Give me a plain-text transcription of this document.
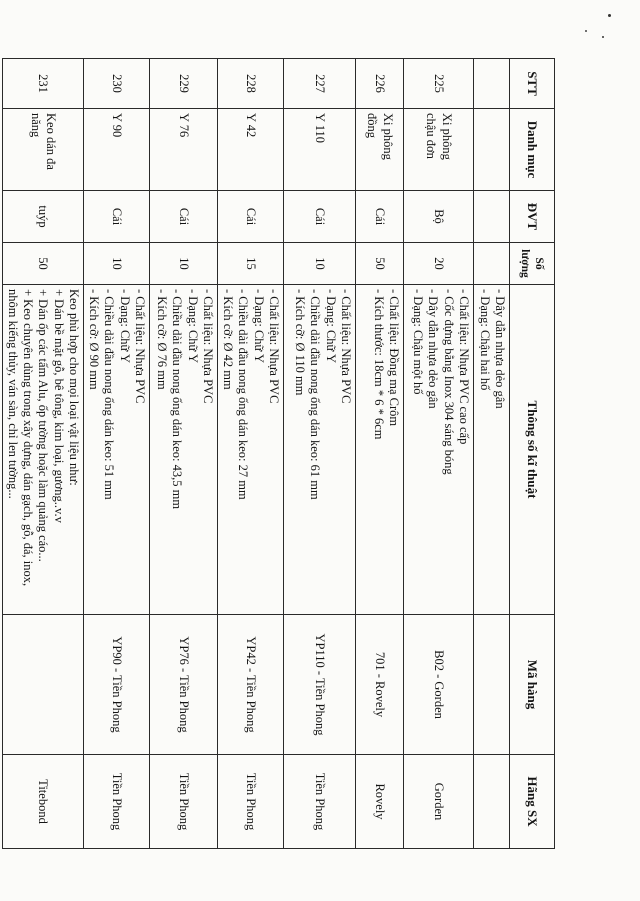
STT	Danh mục	ĐVT	Số lượng	Thông số kĩ thuật	Mã hàng	Hãng SX

				- Dây dẫn nhựa dẻo gân
- Dạng: Chậu hai hố		

225	Xi phông chậu đơn	Bộ	20	- Chất liệu: Nhựa PVC cao cấp
- Cốc đựng bằng Inox 304 sáng bóng
- Dây dẫn nhựa dẻo gân
- Dạng: Chậu một hố	B02 - Gorden	Gorden
226	Xi phông đồng	Cái	50	- Chất liệu: Đồng mạ Crôm
- Kích thước: 18cm * 6 * 6cm	701 - Rovely	Rovely
227	Y 110	Cái	10	- Chất liệu: Nhựa PVC
- Dạng: Chữ Y
- Chiều dài đầu nong ống dán keo: 61 mm
- Kích cỡ: Ø 110 mm	YP110 - Tiền Phong	Tiền Phong
228	Y 42	Cái	15	- Chất liệu: Nhựa PVC
- Dạng: Chữ Y
- Chiều dài đầu nong ống dán keo: 27 mm
- Kích cỡ: Ø 42 mm	YP42 - Tiền Phong	Tiền Phong
229	Y 76	Cái	10	- Chất liệu: Nhựa PVC
- Dạng: Chữ Y
- Chiều dài đầu nong ống dán keo: 43,5 mm
- Kích cỡ: Ø 76 mm	YP76 - Tiền Phong	Tiền Phong
230	Y 90	Cái	10	- Chất liệu: Nhựa PVC
- Dạng: Chữ Y
- Chiều dài đầu nong ống dán keo: 51 mm
- Kích cỡ: Ø 90 mm	YP90 - Tiền Phong	Tiền Phong
231	Keo dán đa năng	tuýp	50	Keo phù hợp cho mọi loại vật liệu như:
+ Dán bề mặt gỗ, bê tông, kim loại, gương..v.v
+ Dán ốp các tấm Alu, ốp tường hoặc làm quảng cáo...
+ Keo chuyên dùng trong xây dựng, dán gạch, gỗ, đá, inox,
nhôm kiếng thủy, ván sàn, chỉ len tường...		Titebond
